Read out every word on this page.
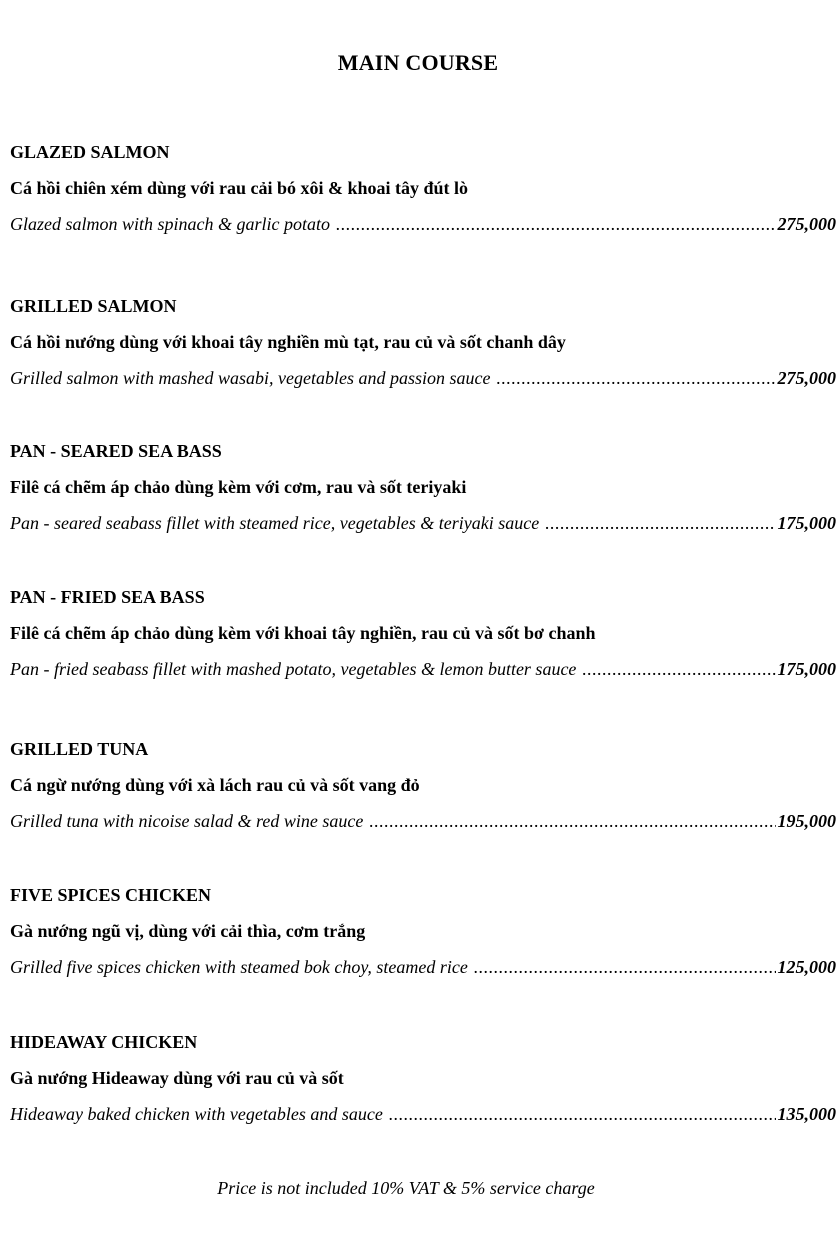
MAIN COURSE
GLAZED SALMON
Cá hồi chiên xém dùng với rau cải bó xôi & khoai tây đút lò
Glazed salmon with spinach & garlic potato .....	275,000
GRILLED SALMON
Cá hồi nướng dùng với khoai tây nghiền mù tạt, rau củ và sốt chanh dây
Grilled salmon with mashed wasabi, vegetables and passion sauce .....	275,000
PAN - SEARED SEA BASS
Filê cá chẽm áp chảo dùng kèm với cơm, rau và sốt teriyaki
Pan - seared seabass fillet with steamed rice, vegetables & teriyaki sauce .....	175,000
PAN - FRIED SEA BASS
Filê cá chẽm áp chảo dùng kèm với khoai tây nghiền, rau củ và sốt bơ chanh
Pan - fried seabass fillet with mashed potato, vegetables & lemon butter sauce .....	175,000
GRILLED TUNA
Cá ngừ nướng dùng với xà lách rau củ và sốt vang đỏ
Grilled tuna with nicoise salad & red wine sauce .....	195,000
FIVE SPICES CHICKEN
Gà nướng ngũ vị, dùng với cải thìa, cơm trắng
Grilled five spices chicken with steamed bok choy, steamed rice .....	125,000
HIDEAWAY CHICKEN
Gà nướng Hideaway dùng với rau củ và sốt
Hideaway baked chicken with vegetables and sauce .....	135,000
Price is not included 10% VAT & 5% service charge
